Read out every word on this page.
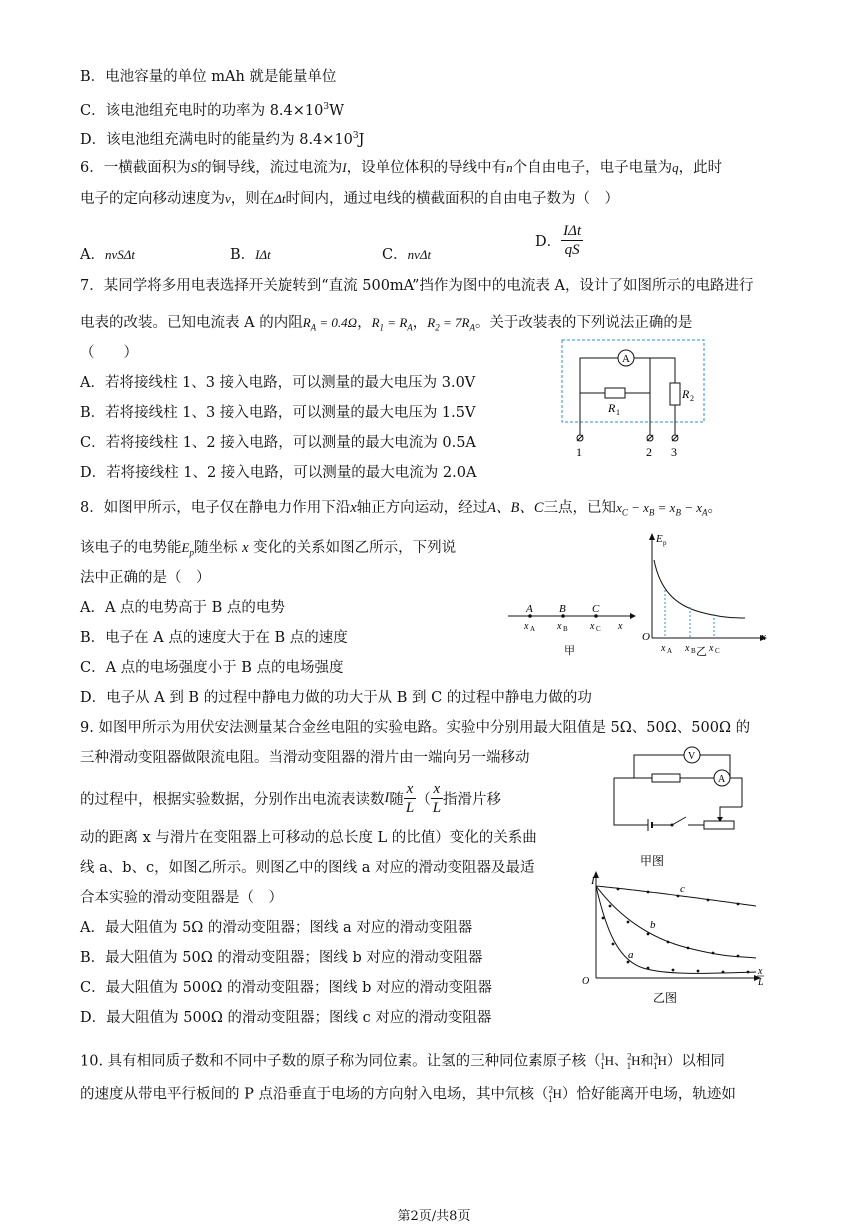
B．电池容量的单位 mAh 就是能量单位
C．该电池组充电时的功率为 $8.4\times 10^3W$
D．该电池组充满电时的能量约为 $8.4\times 10^3J$
6．一横截面积为S的铜导线，流过电流为I，设单位体积的导线中有n个自由电子，电子电量为q，此时
电子的定向移动速度为v，则在Δt时间内，通过电线的横截面积的自由电子数为（　）
A．nvSΔt	B．IΔt	C．nvΔt
D． $\frac{\text{IΔt}}{qS}$
7．某同学将多用电表选择开关旋转到“直流 500mA”挡作为图中的电流表 A，设计了如图所示的电路进行
电表的改装。已知电流表 A 的内阻$R_A = 0.4\Omega$，$R_1 = R_A$，$R_2 = 7R_A$。关于改装表的下列说法正确的是
（　　）
A．若将接线柱 1、3 接入电路，可以测量的最大电压为 3.0V
B．若将接线柱 1、3 接入电路，可以测量的最大电压为 1.5V
C．若将接线柱 1、2 接入电路，可以测量的最大电流为 0.5A
D．若将接线柱 1、2 接入电路，可以测量的最大电流为 2.0A
A
R 1
R 2
1	2 3
8．如图甲所示，电子仅在静电力作用下沿x轴正方向运动，经过A、B、C三点，已知$x_C - x_B = x_B - x_A$。
该电子的电势能$E_p$随坐标 x 变化的关系如图乙所示，下列说
法中正确的是（　）
A．A 点的电势高于 B 点的电势
B．电子在 A 点的速度大于在 B 点的速度
C．A 点的电场强度小于 B 点的电场强度
D．电子从 A 到 B 的过程中静电力做的功大于从 B 到 C 的过程中静电力做的功
A B C
x A x B x C x
甲
E p
O	x
x A x B x C
乙
9. 如图甲所示为用伏安法测量某合金丝电阻的实验电路。实验中分别用最大阻值是 5Ω、50Ω、500Ω 的
三种滑动变阻器做限流电阻。当滑动变阻器的滑片由一端向另一端移动
的过程中，根据实验数据，分别作出电流表读数I随 $\frac{x}{L}$ （ $\frac{x}{L}$ 指滑片移
动的距离 x 与滑片在变阻器上可移动的总长度 L 的比值）变化的关系曲
线 a、b、c，如图乙所示。则图乙中的图线 a 对应的滑动变阻器及最适
合本实验的滑动变阻器是（　）
A．最大阻值为 5Ω 的滑动变阻器；图线 a 对应的滑动变阻器
B．最大阻值为 50Ω 的滑动变阻器；图线 b 对应的滑动变阻器
C．最大阻值为 500Ω 的滑动变阻器；图线 b 对应的滑动变阻器
D．最大阻值为 500Ω 的滑动变阻器；图线 c 对应的滑动变阻器
V
A
甲图
I
O
x
L
c
b
a
乙图
10. 具有相同质子数和不同中子数的原子称为同位素。让氢的三种同位素原子核（$^1_1$H、$^2_1$H和$^3_1$H）以相同
的速度从带电平行板间的 P 点沿垂直于电场的方向射入电场，其中氘核（$^2_1$H）恰好能离开电场，轨迹如
第2页/共8页
